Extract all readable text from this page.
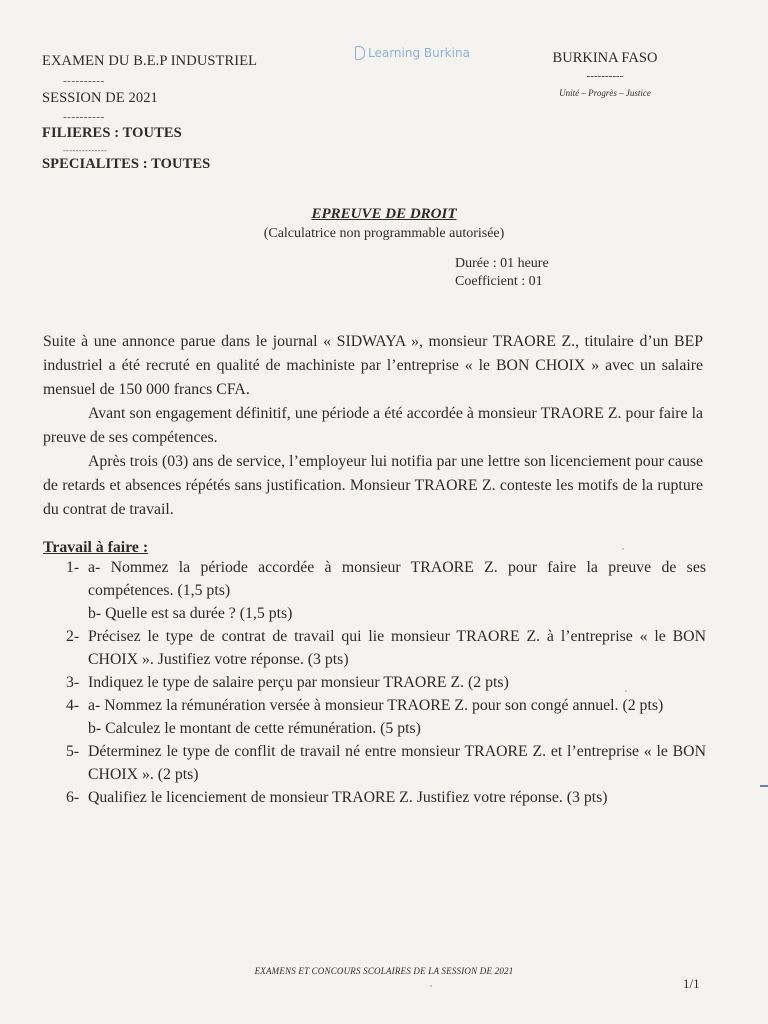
EXAMEN DU B.E.P INDUSTRIEL
----------
SESSION DE 2021
----------
FILIERES : TOUTES
--------------
SPECIALITES : TOUTES
Learning Burkina	BURKINA FASO
----------
Unité – Progrès – Justice
EPREUVE DE DROIT
(Calculatrice non programmable autorisée)
Durée : 01 heure
Coefficient : 01

Suite à une annonce parue dans le journal « SIDWAYA », monsieur TRAORE Z., titulaire d’un BEP industriel a été recruté en qualité de machiniste par l’entreprise « le BON CHOIX » avec un salaire mensuel de 150 000 francs CFA.

Avant son engagement définitif, une période a été accordée à monsieur TRAORE Z. pour faire la preuve de ses compétences.

Après trois (03) ans de service, l’employeur lui notifia par une lettre son licenciement pour cause de retards et absences répétés sans justification. Monsieur TRAORE Z. conteste les motifs de la rupture du contrat de travail.

Travail à faire :
1- a- Nommez la période accordée à monsieur TRAORE Z. pour faire la preuve de ses compétences. (1,5 pts)

b- Quelle est sa durée ? (1,5 pts)

2- Précisez le type de contrat de travail qui lie monsieur TRAORE Z. à l’entreprise « le BON CHOIX ». Justifiez votre réponse. (3 pts)
3- Indiquez le type de salaire perçu par monsieur TRAORE Z. (2 pts)
4- a- Nommez la rémunération versée à monsieur TRAORE Z. pour son congé annuel. (2 pts)

b- Calculez le montant de cette rémunération. (5 pts)

5- Déterminez le type de conflit de travail né entre monsieur TRAORE Z. et l’entreprise « le BON CHOIX ». (2 pts)
6- Qualifiez le licenciement de monsieur TRAORE Z. Justifiez votre réponse. (3 pts)
EXAMENS ET CONCOURS SCOLAIRES DE LA SESSION DE 2021
1/1
